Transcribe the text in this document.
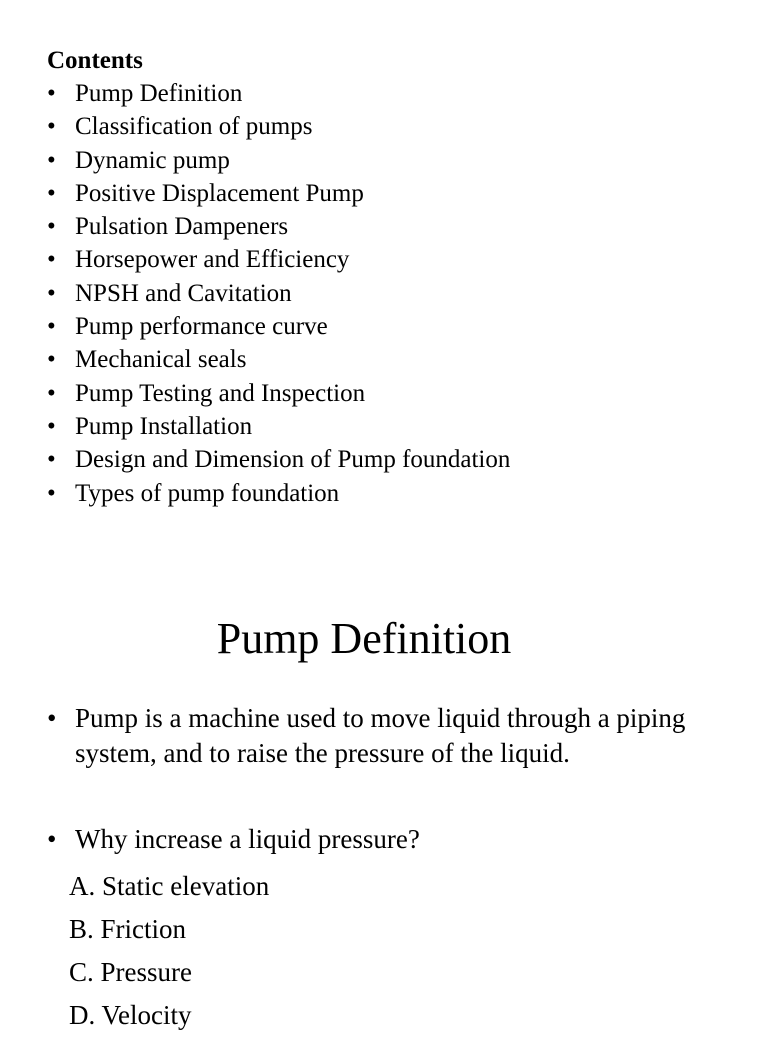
Contents

• Pump Definition
• Classification of pumps
• Dynamic pump
• Positive Displacement Pump
• Pulsation Dampeners
• Horsepower and Efficiency
• NPSH and Cavitation
• Pump performance curve
• Mechanical seals
• Pump Testing and Inspection
• Pump Installation
• Design and Dimension of Pump foundation
• Types of pump foundation
Pump Definition
• Pump is a machine used to move liquid through a piping system, and to raise the pressure of the liquid.
• Why increase a liquid pressure?
A. Static elevation
B. Friction
C. Pressure
D. Velocity
